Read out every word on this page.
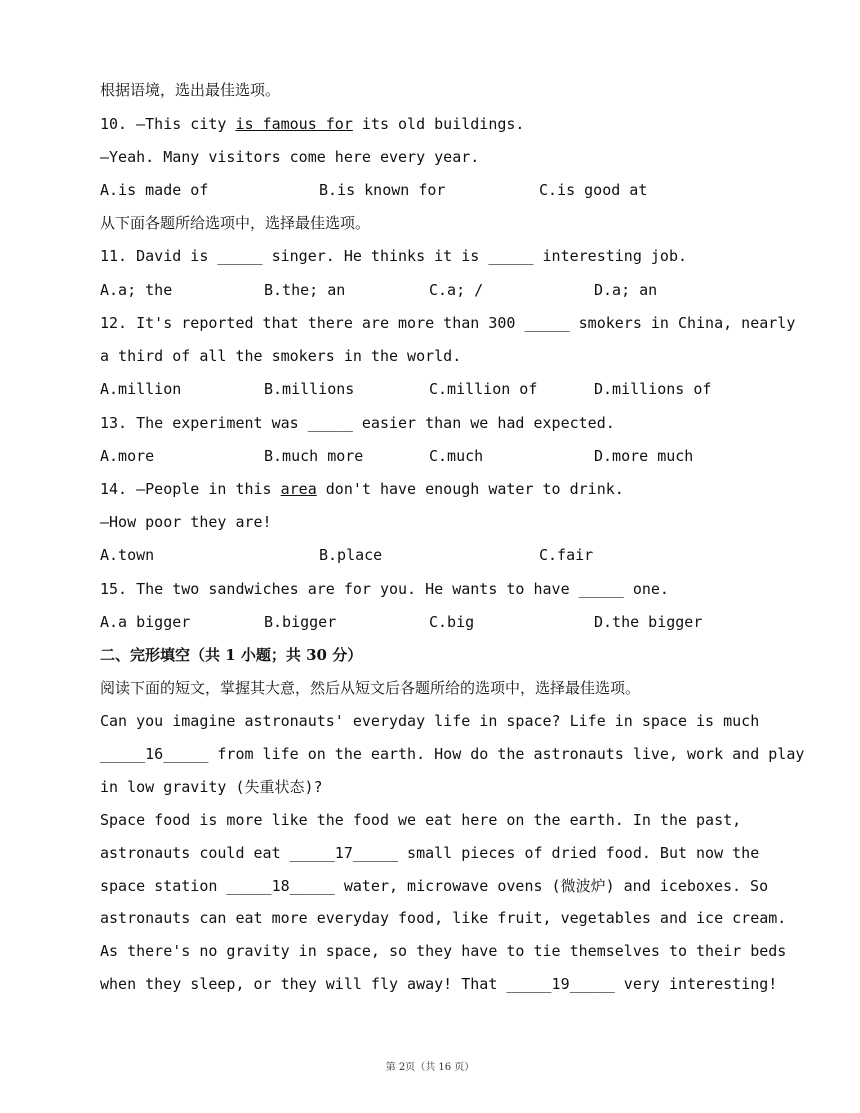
根据语境，选出最佳选项。
10. —This city is famous for its old buildings.
—Yeah. Many visitors come here every year.

A.is made of

	B.is known for

	C.is good at

从下面各题所给选项中，选择最佳选项。
11. David is _____ singer. He thinks it is _____ interesting job.

A.a; the

	B.the; an

	C.a; /

	D.a; an

12. It's reported that there are more than 300 _____ smokers in China, nearly
a third of all the smokers in the world.

A.million

	B.millions

	C.million of

	D.millions of

13. The experiment was _____ easier than we had expected.

A.more

	B.much more

	C.much

	D.more much

14. —People in this area don't have enough water to drink.
—How poor they are!

A.town

	B.place

	C.fair

15. The two sandwiches are for you. He wants to have _____ one.

A.a bigger

	B.bigger

	C.big

	D.the bigger

二、完形填空（共 1 小题；共 30 分）
阅读下面的短文，掌握其大意，然后从短文后各题所给的选项中，选择最佳选项。
Can you imagine astronauts' everyday life in space? Life in space is much
_____16_____ from life on the earth. How do the astronauts live, work and play
in low gravity (失重状态)?
Space food is more like the food we eat here on the earth. In the past,
astronauts could eat _____17_____ small pieces of dried food. But now the
space station _____18_____ water, microwave ovens (微波炉) and iceboxes. So
astronauts can eat more everyday food, like fruit, vegetables and ice cream.
As there's no gravity in space, so they have to tie themselves to their beds
when they sleep, or they will fly away! That _____19_____ very interesting!
第 2页（共 16 页）
